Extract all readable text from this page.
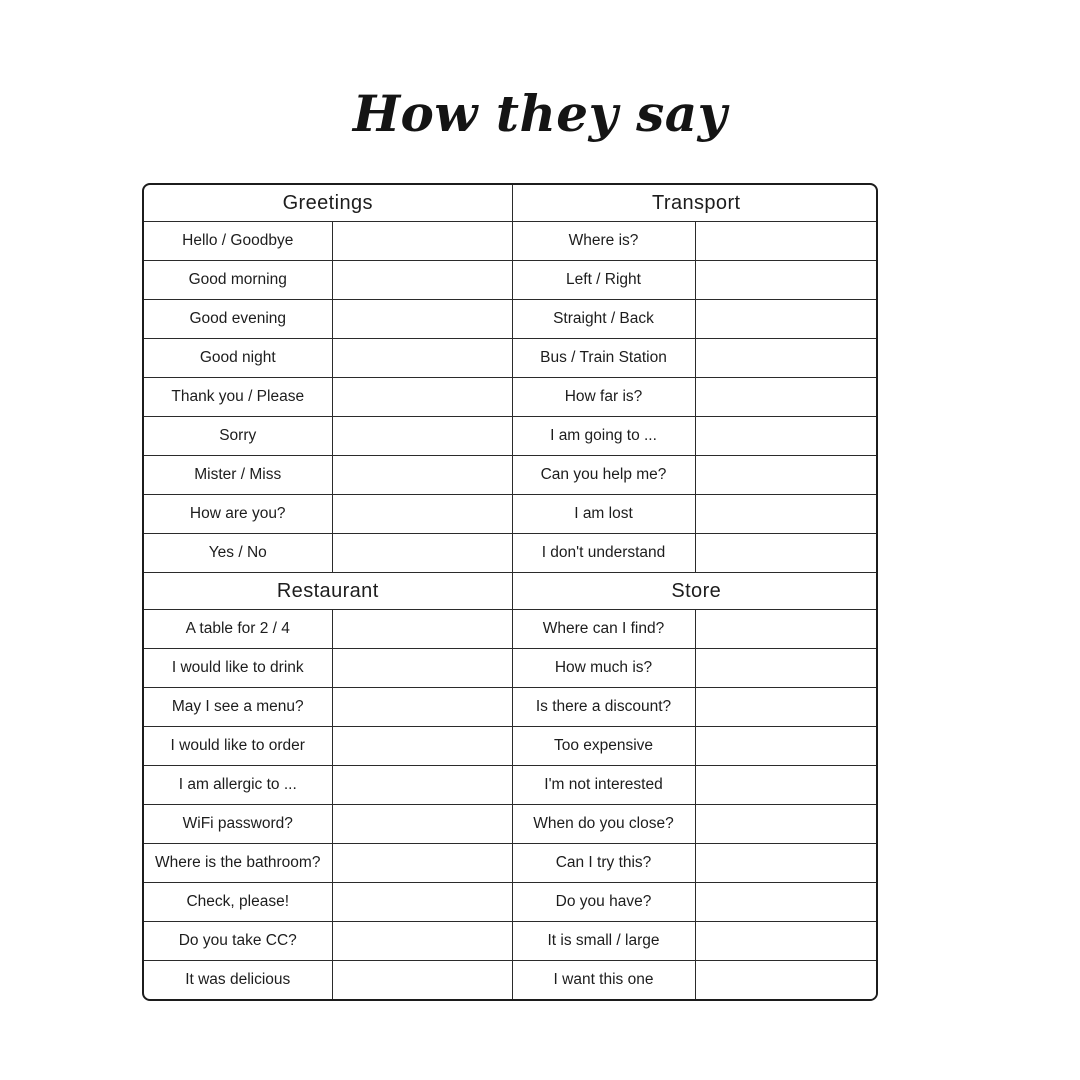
How they say
Greetings		Transport	
Hello / Goodbye		Where is?	
Good morning		Left / Right	
Good evening		Straight / Back	
Good night		Bus / Train Station	
Thank you / Please		How far is?	
Sorry		I am going to ...	
Mister / Miss		Can you help me?	
How are you?		I am lost	
Yes / No		I don't understand	
Restaurant		Store	
A table for 2 / 4		Where can I find?	
I would like to drink		How much is?	
May I see a menu?		Is there a discount?	
I would like to order		Too expensive	
I am allergic to ...		I'm not interested	
WiFi password?		When do you close?	
Where is the bathroom?		Can I try this?	
Check, please!		Do you have?	
Do you take CC?		It is small / large	
It was delicious		I want this one	
